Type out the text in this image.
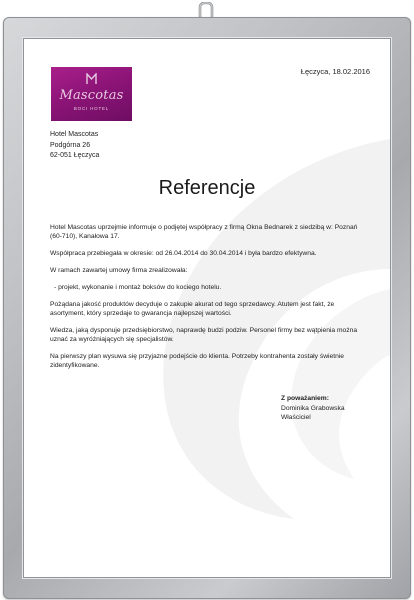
Mascotas
BOCI HOTEL
Łęczyca, 18.02.2016
Hotel Mascotas
Podgórna 26
62-051 Łęczyca
Referencje

Hotel Mascotas uprzejmie informuje o podjętej współpracy z firmą Okna Bednarek z siedzibą w: Poznań (60-710), Kanałowa 17.

Współpraca przebiegała w okresie: od 26.04.2014 do 30.04.2014 i była bardzo efektywna.

W ramach zawartej umowy firma zrealizowała:

- projekt, wykonanie i montaż boksów do kociego hotelu.

Pożądana jakość produktów decyduje o zakupie akurat od tego sprzedawcy. Atutem jest fakt, że asortyment, który sprzedaje to gwarancja najlepszej wartości.

Wiedza, jaką dysponuje przedsiębiorstwo, naprawdę budzi podziw. Personel firmy bez wątpienia można uznać za wyróżniających się specjalistów.

Na pierwszy plan wysuwa się przyjazne podejście do klienta. Potrzeby kontrahenta zostały świetnie zidentyfikowane.

Z poważaniem:
Dominika Grabowska
Właściciel
